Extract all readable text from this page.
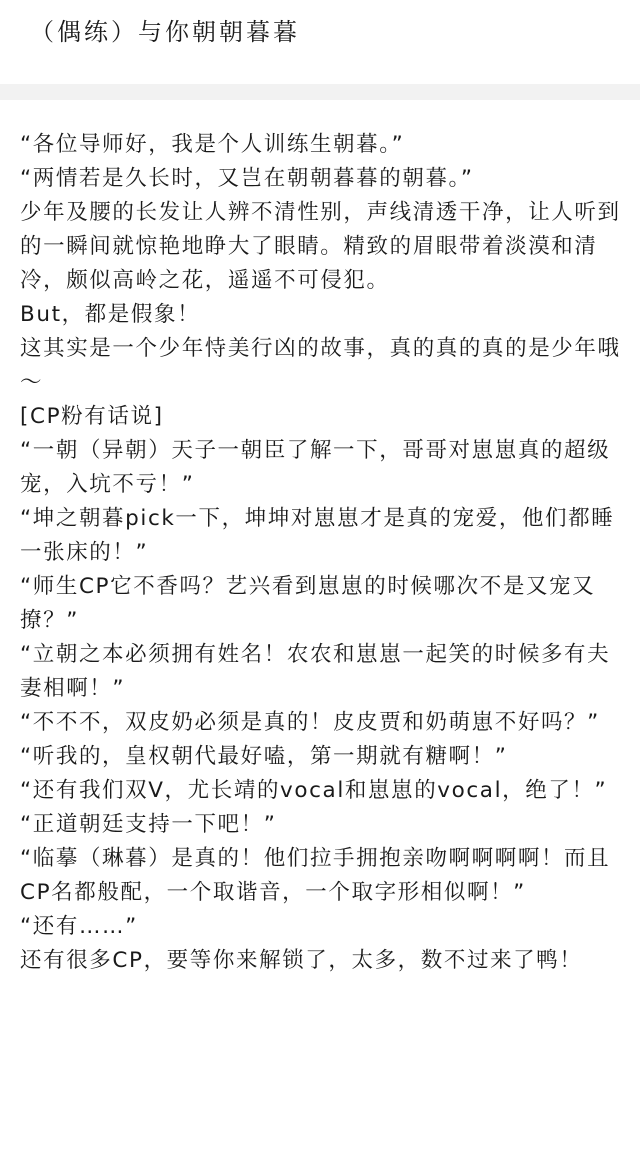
（偶练）与你朝朝暮暮

“各位导师好，我是个人训练生朝暮。”

“两情若是久长时，又岂在朝朝暮暮的朝暮。”

少年及腰的长发让人辨不清性别，声线清透干净，让人听到的一瞬间就惊艳地睁大了眼睛。精致的眉眼带着淡漠和清冷，颇似高岭之花，遥遥不可侵犯。

But，都是假象！

这其实是一个少年恃美行凶的故事，真的真的真的是少年哦～

[CP粉有话说]

“一朝（异朝）天子一朝臣了解一下，哥哥对崽崽真的超级宠，入坑不亏！”

“坤之朝暮pick一下，坤坤对崽崽才是真的宠爱，他们都睡一张床的！”

“师生CP它不香吗？艺兴看到崽崽的时候哪次不是又宠又撩？”

“立朝之本必须拥有姓名！农农和崽崽一起笑的时候多有夫妻相啊！”

“不不不，双皮奶必须是真的！皮皮贾和奶萌崽不好吗？”

“听我的，皇权朝代最好嗑，第一期就有糖啊！”

“还有我们双V，尤长靖的vocal和崽崽的vocal，绝了！”

“正道朝廷支持一下吧！”

“临摹（琳暮）是真的！他们拉手拥抱亲吻啊啊啊啊！而且CP名都般配，一个取谐音，一个取字形相似啊！”

“还有……”

还有很多CP，要等你来解锁了，太多，数不过来了鸭！
